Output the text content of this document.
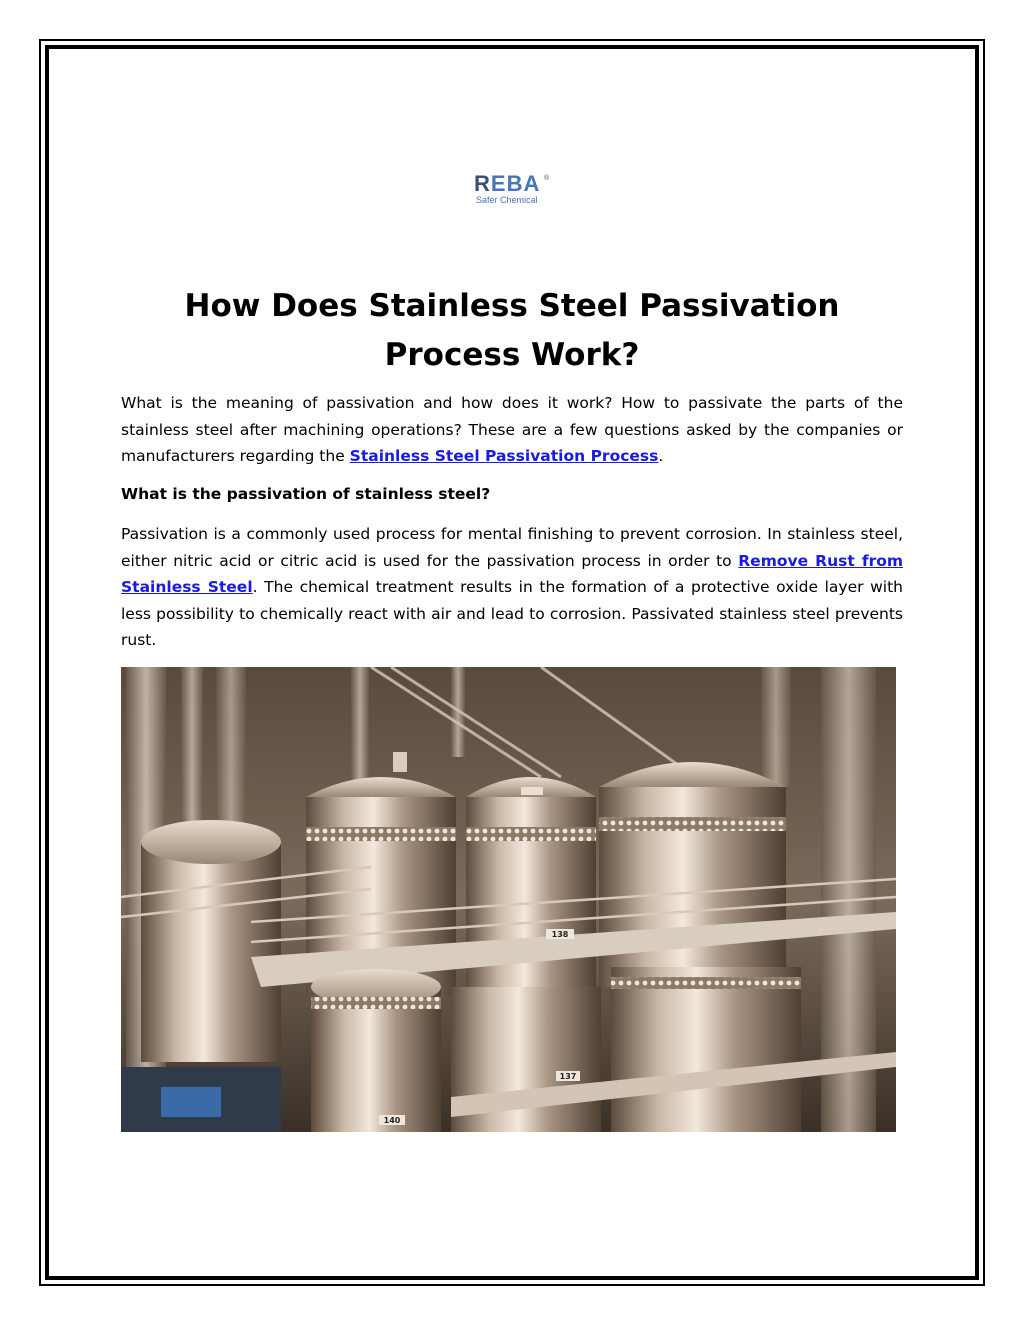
REBA ®
Safer Chemical
How Does Stainless Steel Passivation Process Work?
What is the meaning of passivation and how does it work? How to passivate the parts of the stainless steel after machining operations? These are a few questions asked by the companies or manufacturers regarding the Stainless Steel Passivation Process.
What is the passivation of stainless steel?
Passivation is a commonly used process for mental finishing to prevent corrosion. In stainless steel, either nitric acid or citric acid is used for the passivation process in order to Remove Rust from Stainless Steel. The chemical treatment results in the formation of a protective oxide layer with less possibility to chemically react with air and lead to corrosion. Passivated stainless steel prevents rust.
138
137
140
